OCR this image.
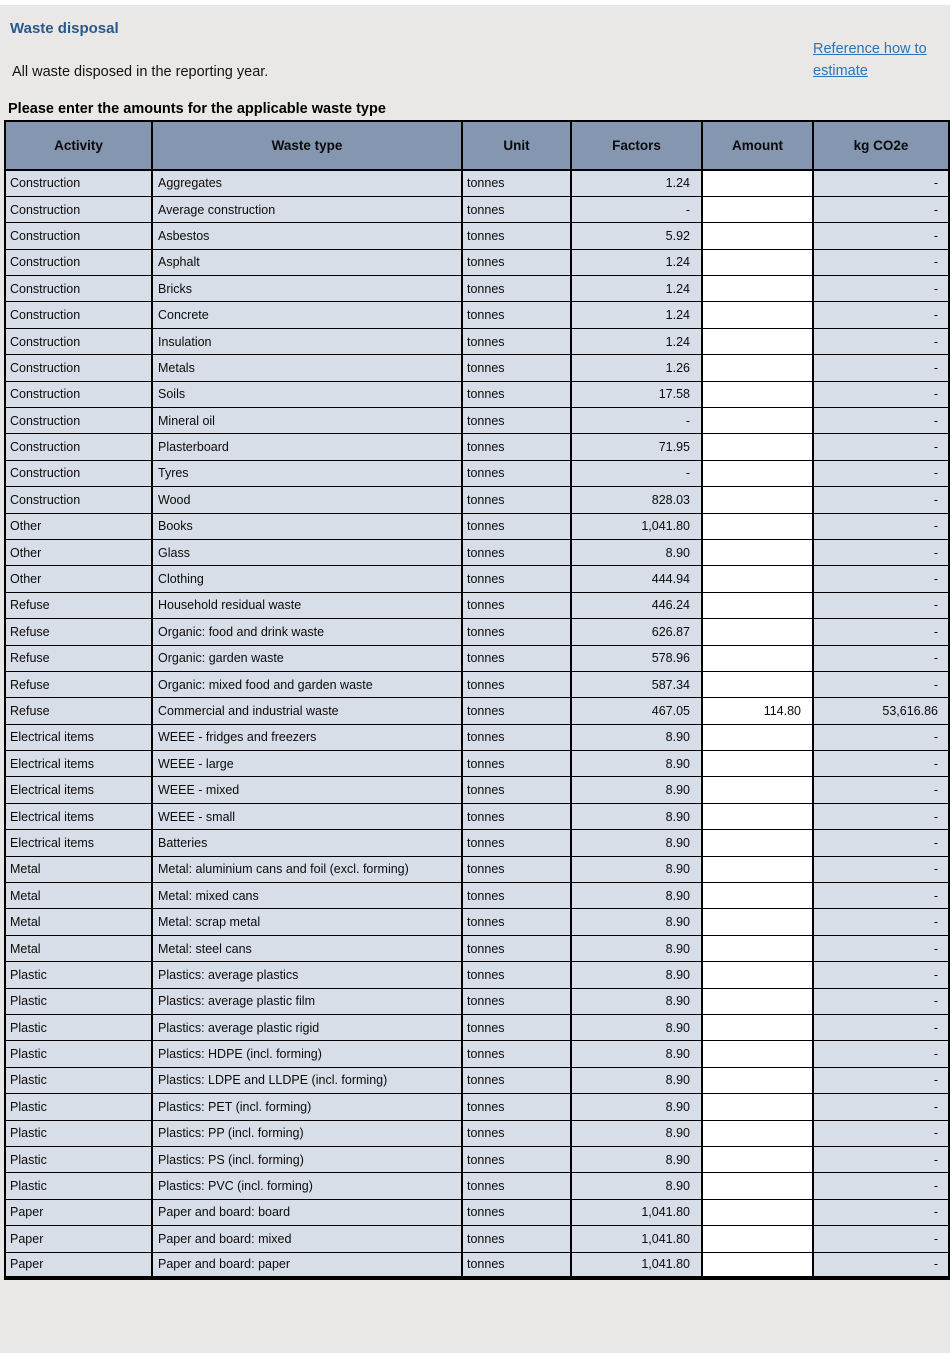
Waste disposal
Reference how to estimate
All waste disposed in the reporting year.
Please enter the amounts for the applicable waste type
Activity	Waste type	Unit	Factors	Amount	kg CO2e
Construction	Aggregates	tonnes	1.24		-
Construction	Average construction	tonnes	-		-
Construction	Asbestos	tonnes	5.92		-
Construction	Asphalt	tonnes	1.24		-
Construction	Bricks	tonnes	1.24		-
Construction	Concrete	tonnes	1.24		-
Construction	Insulation	tonnes	1.24		-
Construction	Metals	tonnes	1.26		-
Construction	Soils	tonnes	17.58		-
Construction	Mineral oil	tonnes	-		-
Construction	Plasterboard	tonnes	71.95		-
Construction	Tyres	tonnes	-		-
Construction	Wood	tonnes	828.03		-
Other	Books	tonnes	1,041.80		-
Other	Glass	tonnes	8.90		-
Other	Clothing	tonnes	444.94		-
Refuse	Household residual waste	tonnes	446.24		-
Refuse	Organic: food and drink waste	tonnes	626.87		-
Refuse	Organic: garden waste	tonnes	578.96		-
Refuse	Organic: mixed food and garden waste	tonnes	587.34		-
Refuse	Commercial and industrial waste	tonnes	467.05	114.80	53,616.86
Electrical items	WEEE - fridges and freezers	tonnes	8.90		-
Electrical items	WEEE - large	tonnes	8.90		-
Electrical items	WEEE - mixed	tonnes	8.90		-
Electrical items	WEEE - small	tonnes	8.90		-
Electrical items	Batteries	tonnes	8.90		-
Metal	Metal: aluminium cans and foil (excl. forming)	tonnes	8.90		-
Metal	Metal: mixed cans	tonnes	8.90		-
Metal	Metal: scrap metal	tonnes	8.90		-
Metal	Metal: steel cans	tonnes	8.90		-
Plastic	Plastics: average plastics	tonnes	8.90		-
Plastic	Plastics: average plastic film	tonnes	8.90		-
Plastic	Plastics: average plastic rigid	tonnes	8.90		-
Plastic	Plastics: HDPE (incl. forming)	tonnes	8.90		-
Plastic	Plastics: LDPE and LLDPE (incl. forming)	tonnes	8.90		-
Plastic	Plastics: PET (incl. forming)	tonnes	8.90		-
Plastic	Plastics: PP (incl. forming)	tonnes	8.90		-
Plastic	Plastics: PS (incl. forming)	tonnes	8.90		-
Plastic	Plastics: PVC (incl. forming)	tonnes	8.90		-
Paper	Paper and board: board	tonnes	1,041.80		-
Paper	Paper and board: mixed	tonnes	1,041.80		-
Paper	Paper and board: paper	tonnes	1,041.80		-
